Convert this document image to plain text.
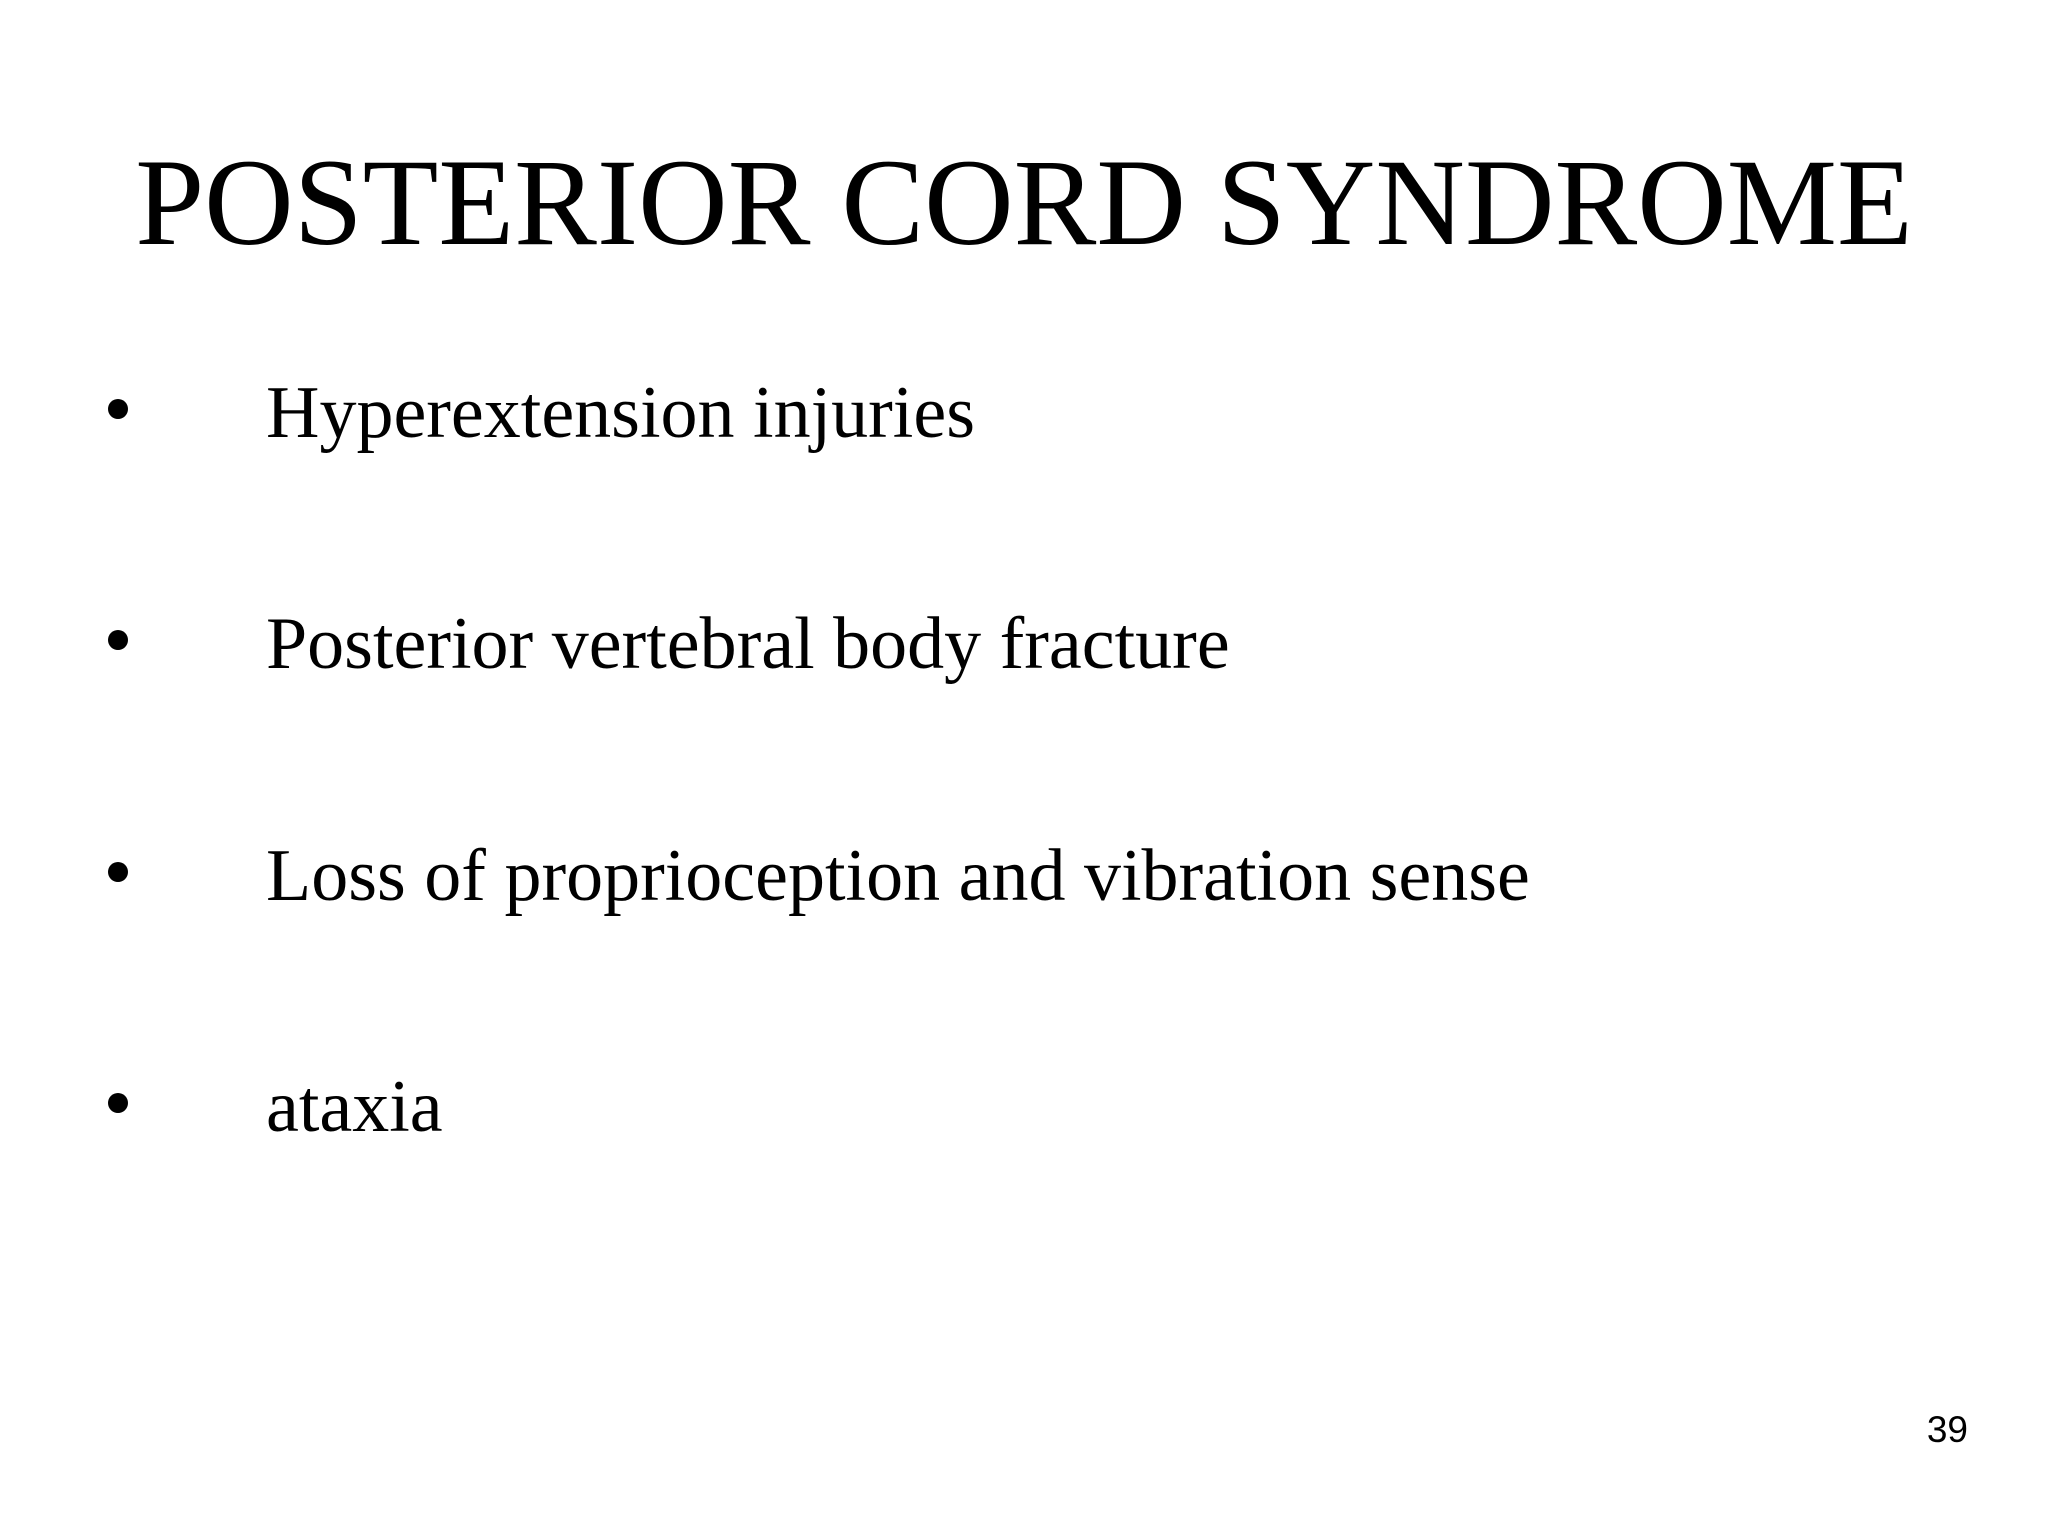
POSTERIOR CORD SYNDROME
Hyperextension injuries
Posterior vertebral body fracture
Loss of proprioception and vibration sense
ataxia
39
